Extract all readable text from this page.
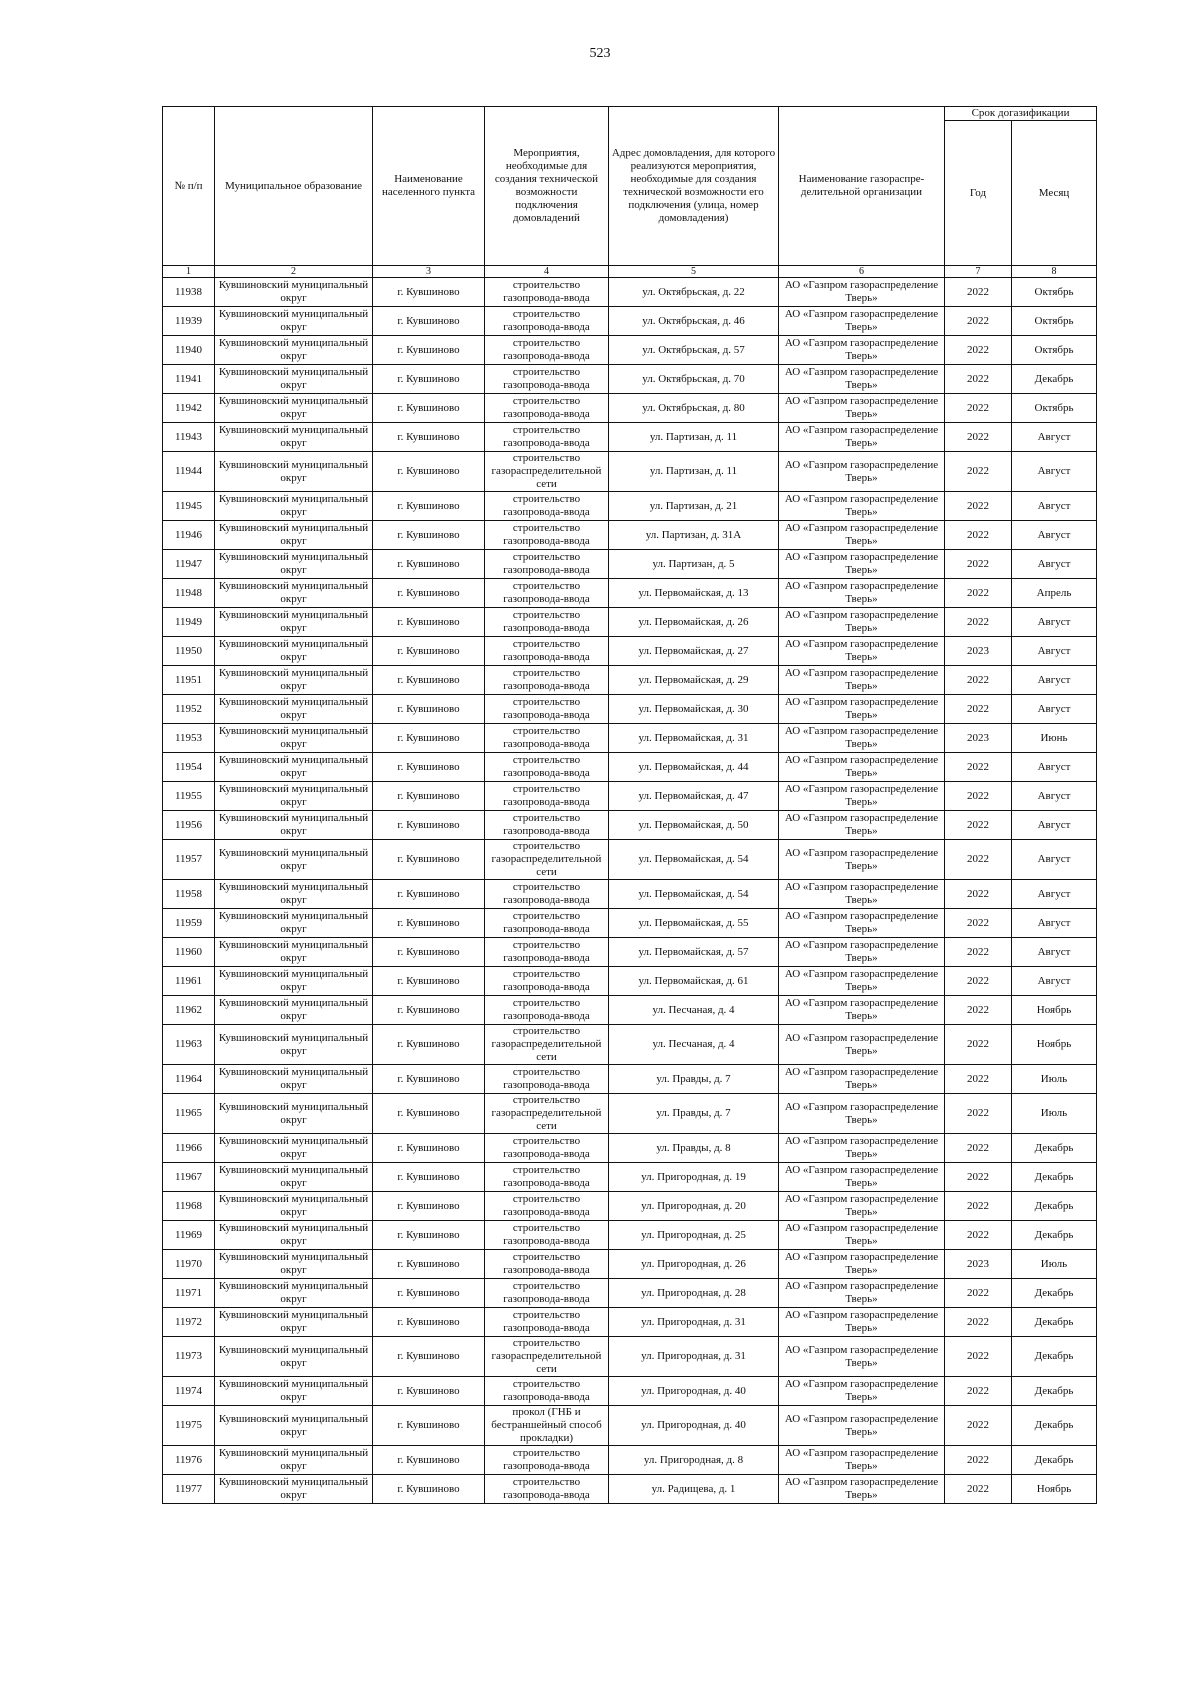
523
№ п/п	Муниципальное образование	Наименование населенного пункта	Мероприятия, необходимые для создания технической возможности подключения домовладений	Адрес домовладения, для которого реализуются мероприятия, необходимые для создания технической возможности его подключения (улица, номер домовладения)	Наименование газораспре-делительной организации	Срок догазификации	
						Год	Месяц
1	2	3	4	5	6	7	8
11938	Кувшиновский муниципальный округ	г. Кувшиново	строительство газопровода-ввода	ул. Октябрьская, д. 22	АО «Газпром газораспределение Тверь»	2022	Октябрь
11939	Кувшиновский муниципальный округ	г. Кувшиново	строительство газопровода-ввода	ул. Октябрьская, д. 46	АО «Газпром газораспределение Тверь»	2022	Октябрь
11940	Кувшиновский муниципальный округ	г. Кувшиново	строительство газопровода-ввода	ул. Октябрьская, д. 57	АО «Газпром газораспределение Тверь»	2022	Октябрь
11941	Кувшиновский муниципальный округ	г. Кувшиново	строительство газопровода-ввода	ул. Октябрьская, д. 70	АО «Газпром газораспределение Тверь»	2022	Декабрь
11942	Кувшиновский муниципальный округ	г. Кувшиново	строительство газопровода-ввода	ул. Октябрьская, д. 80	АО «Газпром газораспределение Тверь»	2022	Октябрь
11943	Кувшиновский муниципальный округ	г. Кувшиново	строительство газопровода-ввода	ул. Партизан, д. 11	АО «Газпром газораспределение Тверь»	2022	Август
11944	Кувшиновский муниципальный округ	г. Кувшиново	строительство газораспределительной сети	ул. Партизан, д. 11	АО «Газпром газораспределение Тверь»	2022	Август
11945	Кувшиновский муниципальный округ	г. Кувшиново	строительство газопровода-ввода	ул. Партизан, д. 21	АО «Газпром газораспределение Тверь»	2022	Август
11946	Кувшиновский муниципальный округ	г. Кувшиново	строительство газопровода-ввода	ул. Партизан, д. 31А	АО «Газпром газораспределение Тверь»	2022	Август
11947	Кувшиновский муниципальный округ	г. Кувшиново	строительство газопровода-ввода	ул. Партизан, д. 5	АО «Газпром газораспределение Тверь»	2022	Август
11948	Кувшиновский муниципальный округ	г. Кувшиново	строительство газопровода-ввода	ул. Первомайская, д. 13	АО «Газпром газораспределение Тверь»	2022	Апрель
11949	Кувшиновский муниципальный округ	г. Кувшиново	строительство газопровода-ввода	ул. Первомайская, д. 26	АО «Газпром газораспределение Тверь»	2022	Август
11950	Кувшиновский муниципальный округ	г. Кувшиново	строительство газопровода-ввода	ул. Первомайская, д. 27	АО «Газпром газораспределение Тверь»	2023	Август
11951	Кувшиновский муниципальный округ	г. Кувшиново	строительство газопровода-ввода	ул. Первомайская, д. 29	АО «Газпром газораспределение Тверь»	2022	Август
11952	Кувшиновский муниципальный округ	г. Кувшиново	строительство газопровода-ввода	ул. Первомайская, д. 30	АО «Газпром газораспределение Тверь»	2022	Август
11953	Кувшиновский муниципальный округ	г. Кувшиново	строительство газопровода-ввода	ул. Первомайская, д. 31	АО «Газпром газораспределение Тверь»	2023	Июнь
11954	Кувшиновский муниципальный округ	г. Кувшиново	строительство газопровода-ввода	ул. Первомайская, д. 44	АО «Газпром газораспределение Тверь»	2022	Август
11955	Кувшиновский муниципальный округ	г. Кувшиново	строительство газопровода-ввода	ул. Первомайская, д. 47	АО «Газпром газораспределение Тверь»	2022	Август
11956	Кувшиновский муниципальный округ	г. Кувшиново	строительство газопровода-ввода	ул. Первомайская, д. 50	АО «Газпром газораспределение Тверь»	2022	Август
11957	Кувшиновский муниципальный округ	г. Кувшиново	строительство газораспределительной сети	ул. Первомайская, д. 54	АО «Газпром газораспределение Тверь»	2022	Август
11958	Кувшиновский муниципальный округ	г. Кувшиново	строительство газопровода-ввода	ул. Первомайская, д. 54	АО «Газпром газораспределение Тверь»	2022	Август
11959	Кувшиновский муниципальный округ	г. Кувшиново	строительство газопровода-ввода	ул. Первомайская, д. 55	АО «Газпром газораспределение Тверь»	2022	Август
11960	Кувшиновский муниципальный округ	г. Кувшиново	строительство газопровода-ввода	ул. Первомайская, д. 57	АО «Газпром газораспределение Тверь»	2022	Август
11961	Кувшиновский муниципальный округ	г. Кувшиново	строительство газопровода-ввода	ул. Первомайская, д. 61	АО «Газпром газораспределение Тверь»	2022	Август
11962	Кувшиновский муниципальный округ	г. Кувшиново	строительство газопровода-ввода	ул. Песчаная, д. 4	АО «Газпром газораспределение Тверь»	2022	Ноябрь
11963	Кувшиновский муниципальный округ	г. Кувшиново	строительство газораспределительной сети	ул. Песчаная, д. 4	АО «Газпром газораспределение Тверь»	2022	Ноябрь
11964	Кувшиновский муниципальный округ	г. Кувшиново	строительство газопровода-ввода	ул. Правды, д. 7	АО «Газпром газораспределение Тверь»	2022	Июль
11965	Кувшиновский муниципальный округ	г. Кувшиново	строительство газораспределительной сети	ул. Правды, д. 7	АО «Газпром газораспределение Тверь»	2022	Июль
11966	Кувшиновский муниципальный округ	г. Кувшиново	строительство газопровода-ввода	ул. Правды, д. 8	АО «Газпром газораспределение Тверь»	2022	Декабрь
11967	Кувшиновский муниципальный округ	г. Кувшиново	строительство газопровода-ввода	ул. Пригородная, д. 19	АО «Газпром газораспределение Тверь»	2022	Декабрь
11968	Кувшиновский муниципальный округ	г. Кувшиново	строительство газопровода-ввода	ул. Пригородная, д. 20	АО «Газпром газораспределение Тверь»	2022	Декабрь
11969	Кувшиновский муниципальный округ	г. Кувшиново	строительство газопровода-ввода	ул. Пригородная, д. 25	АО «Газпром газораспределение Тверь»	2022	Декабрь
11970	Кувшиновский муниципальный округ	г. Кувшиново	строительство газопровода-ввода	ул. Пригородная, д. 26	АО «Газпром газораспределение Тверь»	2023	Июль
11971	Кувшиновский муниципальный округ	г. Кувшиново	строительство газопровода-ввода	ул. Пригородная, д. 28	АО «Газпром газораспределение Тверь»	2022	Декабрь
11972	Кувшиновский муниципальный округ	г. Кувшиново	строительство газопровода-ввода	ул. Пригородная, д. 31	АО «Газпром газораспределение Тверь»	2022	Декабрь
11973	Кувшиновский муниципальный округ	г. Кувшиново	строительство газораспределительной сети	ул. Пригородная, д. 31	АО «Газпром газораспределение Тверь»	2022	Декабрь
11974	Кувшиновский муниципальный округ	г. Кувшиново	строительство газопровода-ввода	ул. Пригородная, д. 40	АО «Газпром газораспределение Тверь»	2022	Декабрь
11975	Кувшиновский муниципальный округ	г. Кувшиново	прокол (ГНБ и бестраншейный способ прокладки)	ул. Пригородная, д. 40	АО «Газпром газораспределение Тверь»	2022	Декабрь
11976	Кувшиновский муниципальный округ	г. Кувшиново	строительство газопровода-ввода	ул. Пригородная, д. 8	АО «Газпром газораспределение Тверь»	2022	Декабрь
11977	Кувшиновский муниципальный округ	г. Кувшиново	строительство газопровода-ввода	ул. Радищева, д. 1	АО «Газпром газораспределение Тверь»	2022	Ноябрь
